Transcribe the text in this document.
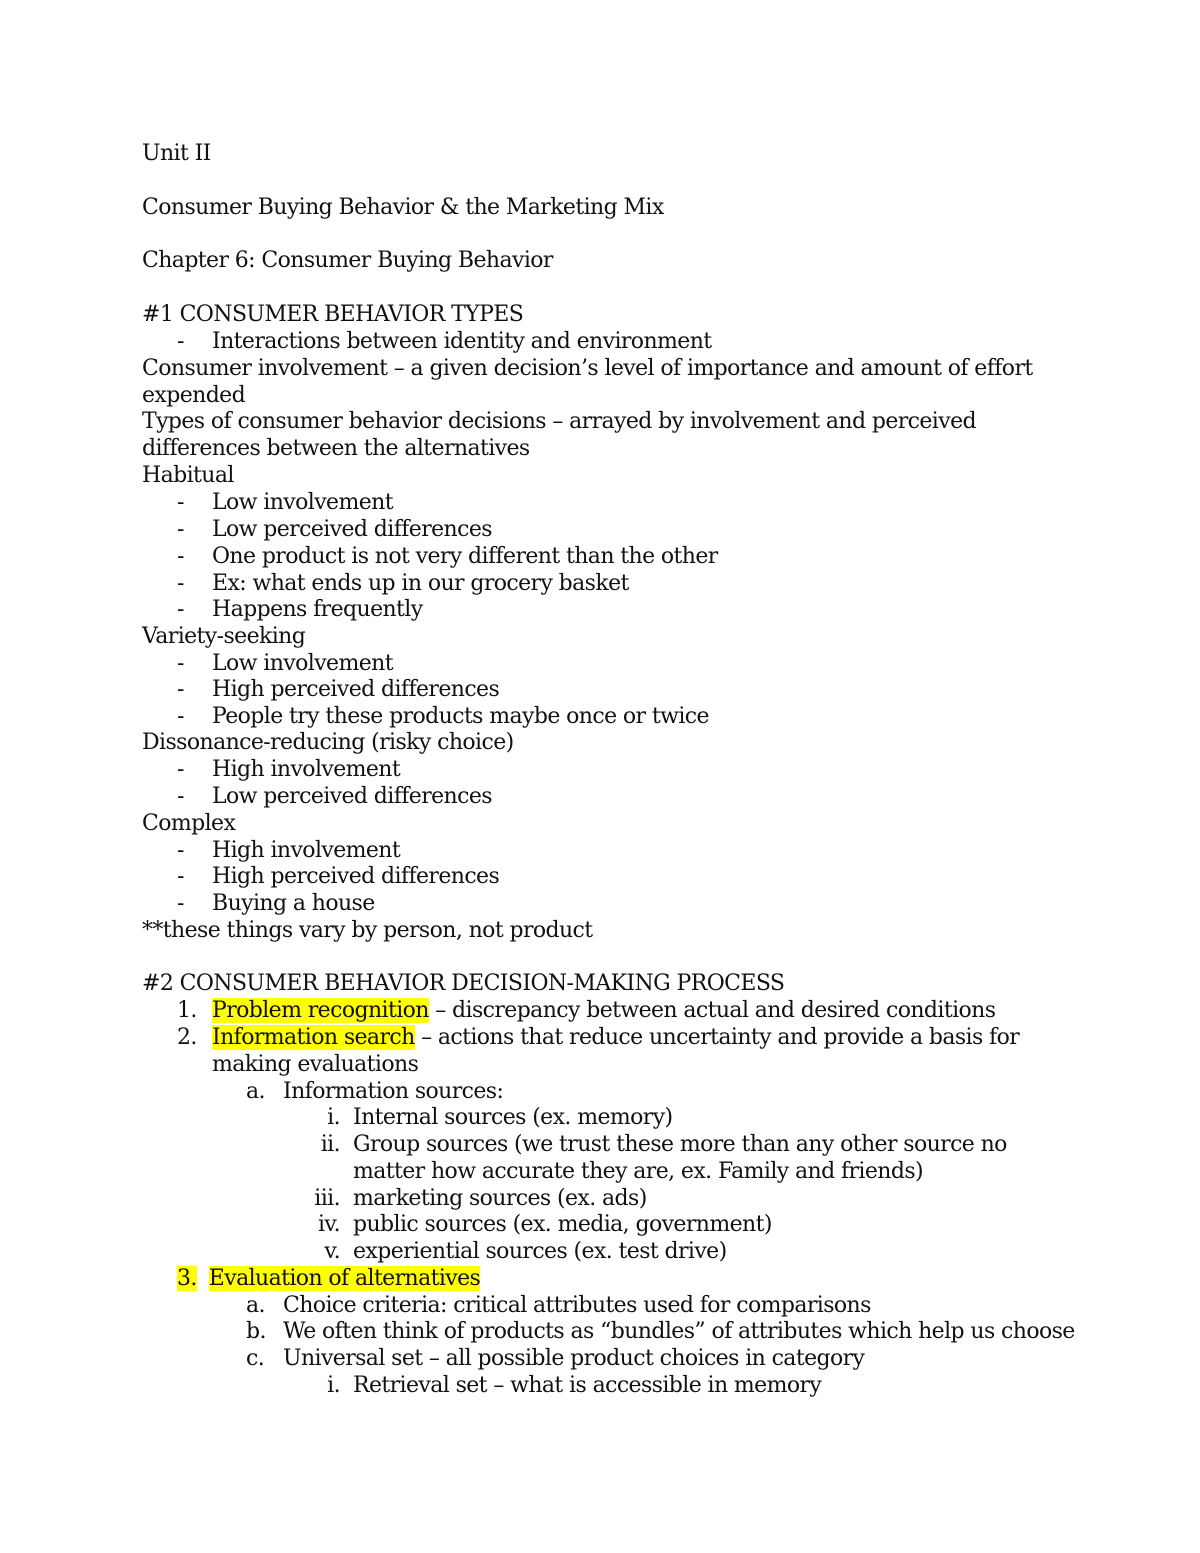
Unit II
Consumer Buying Behavior & the Marketing Mix
Chapter 6: Consumer Buying Behavior
#1 CONSUMER BEHAVIOR TYPES
- Interactions between identity and environment
Consumer involvement – a given decision’s level of importance and amount of effort
expended
Types of consumer behavior decisions – arrayed by involvement and perceived
differences between the alternatives
Habitual
- Low involvement
- Low perceived differences
- One product is not very different than the other
- Ex: what ends up in our grocery basket
- Happens frequently
Variety-seeking
- Low involvement
- High perceived differences
- People try these products maybe once or twice
Dissonance-reducing (risky choice)
- High involvement
- Low perceived differences
Complex
- High involvement
- High perceived differences
- Buying a house
**these things vary by person, not product
#2 CONSUMER BEHAVIOR DECISION-MAKING PROCESS
1. Problem recognition – discrepancy between actual and desired conditions
2. Information search – actions that reduce uncertainty and provide a basis for
making evaluations
a. Information sources:
i. Internal sources (ex. memory)
ii. Group sources (we trust these more than any other source no
matter how accurate they are, ex. Family and friends)
iii. marketing sources (ex. ads)
iv. public sources (ex. media, government)
v. experiential sources (ex. test drive)
3. Evaluation of alternatives
a. Choice criteria: critical attributes used for comparisons
b. We often think of products as “bundles” of attributes which help us choose
c. Universal set – all possible product choices in category
i. Retrieval set – what is accessible in memory
